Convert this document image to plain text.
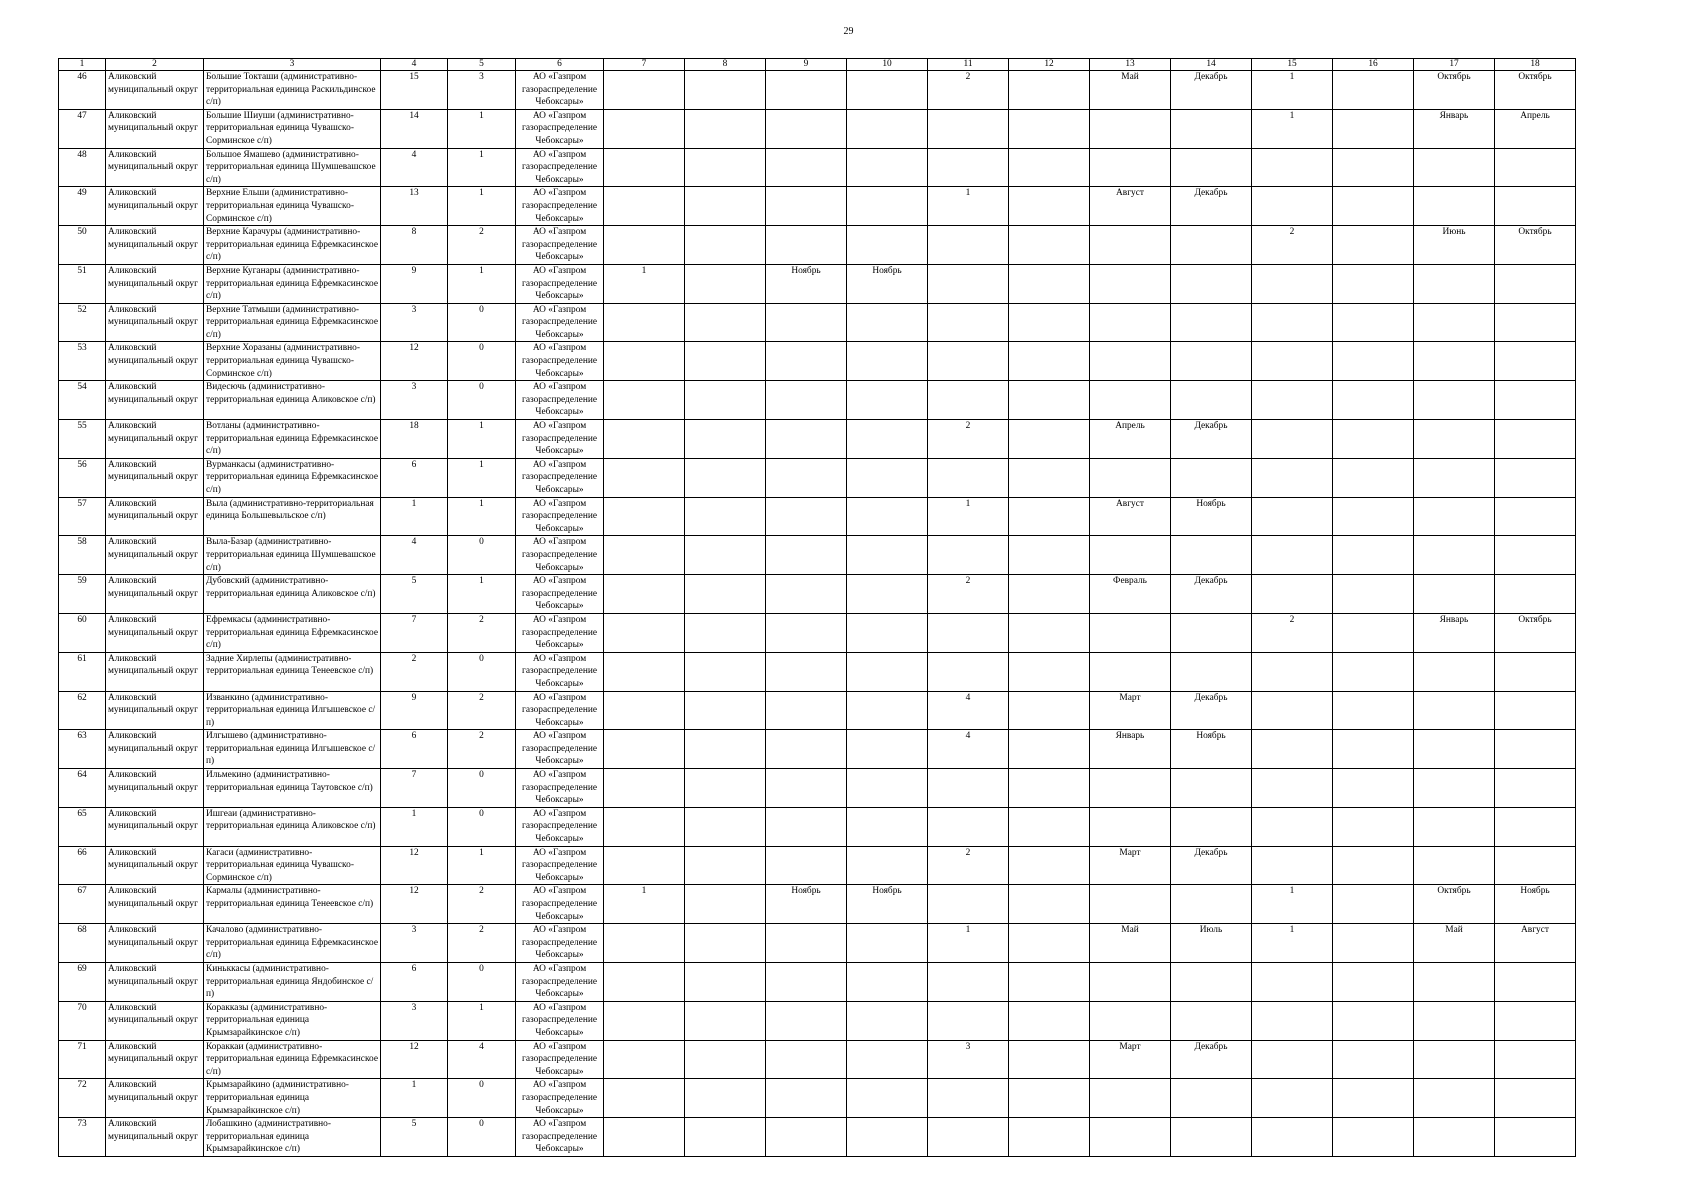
29
1	2	3	4	5	6	7	8	9	10	11	12	13	14	15	16	17	18
46	Аликовский муниципальный округ	Большие Токташи (административно-территориальная единица Раскильдинское с/п)	15	3	АО «Газпром газораспределение Чебоксары»					2		Май	Декабрь	1		Октябрь	Октябрь
47	Аликовский муниципальный округ	Большие Шиуши (административно-территориальная единица Чувашско-Сорминское с/п)	14	1	АО «Газпром газораспределение Чебоксары»									1		Январь	Апрель
48	Аликовский муниципальный округ	Большое Ямашево (административно-территориальная единица Шумшевашское с/п)	4	1	АО «Газпром газораспределение Чебоксары»												
49	Аликовский муниципальный округ	Верхние Ельши (административно-территориальная единица Чувашско-Сорминское с/п)	13	1	АО «Газпром газораспределение Чебоксары»					1		Август	Декабрь				
50	Аликовский муниципальный округ	Верхние Карачуры (административно-территориальная единица Ефремкасинское с/п)	8	2	АО «Газпром газораспределение Чебоксары»									2		Июнь	Октябрь
51	Аликовский муниципальный округ	Верхние Куганары (административно-территориальная единица Ефремкасинское с/п)	9	1	АО «Газпром газораспределение Чебоксары»	1		Ноябрь	Ноябрь								
52	Аликовский муниципальный округ	Верхние Татмыши (административно-территориальная единица Ефремкасинское с/п)	3	0	АО «Газпром газораспределение Чебоксары»												
53	Аликовский муниципальный округ	Верхние Хоразаны (административно-территориальная единица Чувашско-Сорминское с/п)	12	0	АО «Газпром газораспределение Чебоксары»												
54	Аликовский муниципальный округ	Видесючь (административно-территориальная единица Аликовское с/п)	3	0	АО «Газпром газораспределение Чебоксары»												
55	Аликовский муниципальный округ	Вотланы (административно-территориальная единица Ефремкасинское с/п)	18	1	АО «Газпром газораспределение Чебоксары»					2		Апрель	Декабрь				
56	Аликовский муниципальный округ	Вурманкасы (административно-территориальная единица Ефремкасинское с/п)	6	1	АО «Газпром газораспределение Чебоксары»												
57	Аликовский муниципальный округ	Выла (административно-территориальная единица Большевыльское с/п)	1	1	АО «Газпром газораспределение Чебоксары»					1		Август	Ноябрь				
58	Аликовский муниципальный округ	Выла-Базар (административно-территориальная единица Шумшевашское с/п)	4	0	АО «Газпром газораспределение Чебоксары»												
59	Аликовский муниципальный округ	Дубовский (административно-территориальная единица Аликовское с/п)	5	1	АО «Газпром газораспределение Чебоксары»					2		Февраль	Декабрь				
60	Аликовский муниципальный округ	Ефремкасы (административно-территориальная единица Ефремкасинское с/п)	7	2	АО «Газпром газораспределение Чебоксары»									2		Январь	Октябрь
61	Аликовский муниципальный округ	Задние Хирлепы (административно-территориальная единица Тенеевское с/п)	2	0	АО «Газпром газораспределение Чебоксары»												
62	Аликовский муниципальный округ	Изванкино (административно-территориальная единица Илгышевское с/п)	9	2	АО «Газпром газораспределение Чебоксары»					4		Март	Декабрь				
63	Аликовский муниципальный округ	Илгышево (административно-территориальная единица Илгышевское с/п)	6	2	АО «Газпром газораспределение Чебоксары»					4		Январь	Ноябрь				
64	Аликовский муниципальный округ	Ильмекино (административно-территориальная единица Таутовское с/п)	7	0	АО «Газпром газораспределение Чебоксары»												
65	Аликовский муниципальный округ	Ишгеаи (административно-территориальная единица Аликовское с/п)	1	0	АО «Газпром газораспределение Чебоксары»												
66	Аликовский муниципальный округ	Кагаси (административно-территориальная единица Чувашско-Сорминское с/п)	12	1	АО «Газпром газораспределение Чебоксары»					2		Март	Декабрь				
67	Аликовский муниципальный округ	Кармалы (административно-территориальная единица Тенеевское с/п)	12	2	АО «Газпром газораспределение Чебоксары»	1		Ноябрь	Ноябрь					1		Октябрь	Ноябрь
68	Аликовский муниципальный округ	Качалово (административно-территориальная единица Ефремкасинское с/п)	3	2	АО «Газпром газораспределение Чебоксары»					1		Май	Июль	1		Май	Август
69	Аликовский муниципальный округ	Киньккасы (административно-территориальная единица Яндобинское с/п)	6	0	АО «Газпром газораспределение Чебоксары»												
70	Аликовский муниципальный округ	Коракказы (административно-территориальная единица Крымзарайкинское с/п)	3	1	АО «Газпром газораспределение Чебоксары»												
71	Аликовский муниципальный округ	Кораккаи (административно-территориальная единица Ефремкасинское с/п)	12	4	АО «Газпром газораспределение Чебоксары»					3		Март	Декабрь				
72	Аликовский муниципальный округ	Крымзарайкино (административно-территориальная единица Крымзарайкинское с/п)	1	0	АО «Газпром газораспределение Чебоксары»												
73	Аликовский муниципальный округ	Лобашкино (административно-территориальная единица Крымзарайкинское с/п)	5	0	АО «Газпром газораспределение Чебоксары»												
